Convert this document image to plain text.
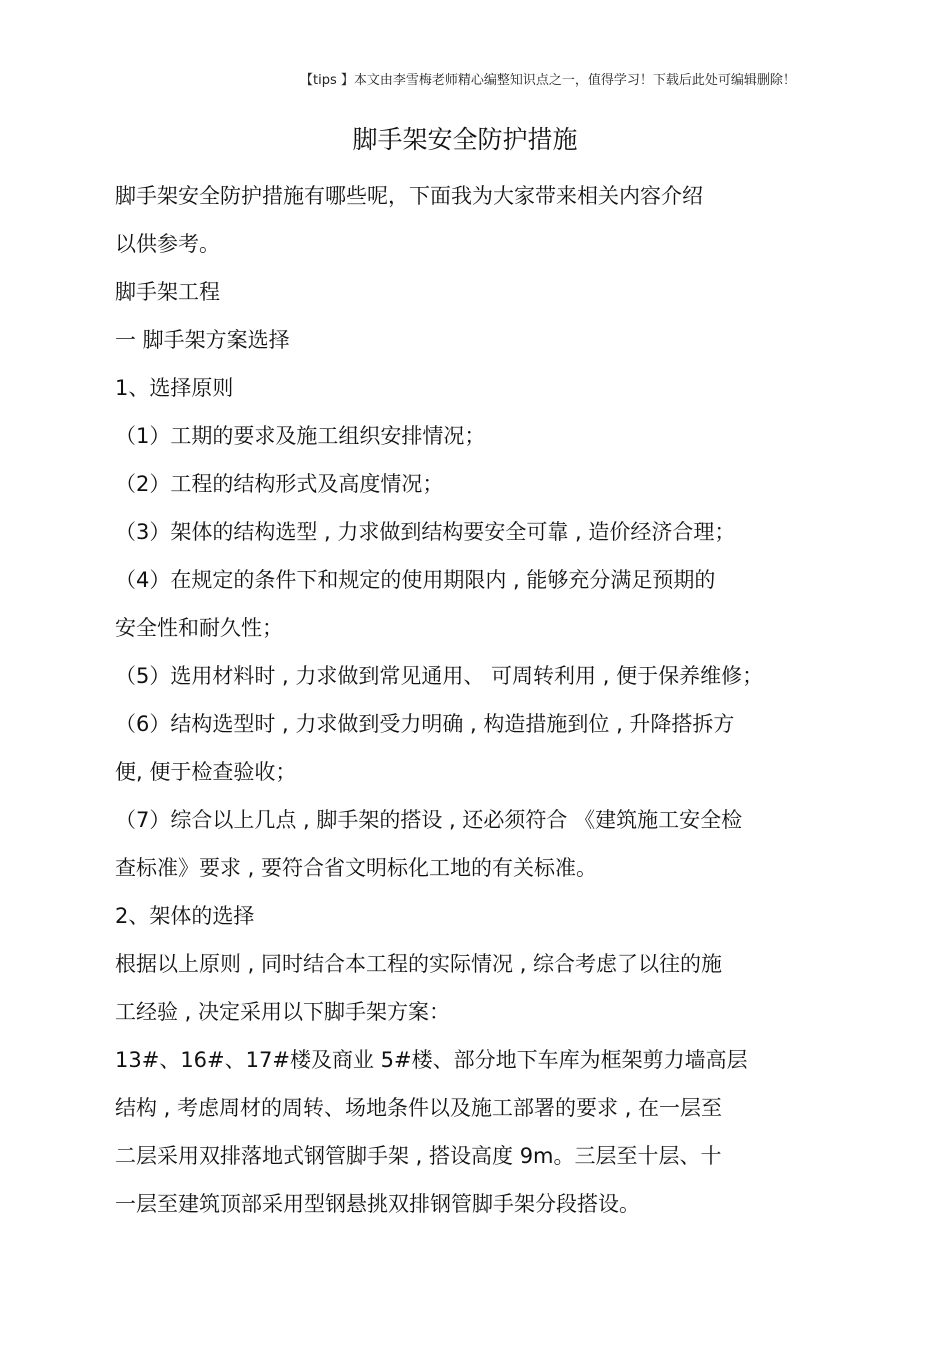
【tips 】本文由李雪梅老师精心编整知识点之一，值得学习！下载后此处可编辑删除！
脚手架安全防护措施
脚手架安全防护措施有哪些呢，下面我为大家带来相关内容介绍
以供参考。
脚手架工程
一 脚手架方案选择
1、选择原则
（1）工期的要求及施工组织安排情况；
（2）工程的结构形式及高度情况；
（3）架体的结构选型 , 力求做到结构要安全可靠 , 造价经济合理；
（4）在规定的条件下和规定的使用期限内 , 能够充分满足预期的
安全性和耐久性；
（5）选用材料时 , 力求做到常见通用、 可周转利用 , 便于保养维修；
（6）结构选型时 , 力求做到受力明确 , 构造措施到位 , 升降搭拆方
便, 便于检查验收；
（7）综合以上几点 , 脚手架的搭设 , 还必须符合 《建筑施工安全检
查标准》要求 , 要符合省文明标化工地的有关标准。
2、架体的选择
根据以上原则 , 同时结合本工程的实际情况 , 综合考虑了以往的施
工经验 , 决定采用以下脚手架方案：
13#、16#、17#楼及商业 5#楼、部分地下车库为框架剪力墙高层
结构 , 考虑周材的周转、场地条件以及施工部署的要求 , 在一层至
二层采用双排落地式钢管脚手架 , 搭设高度 9m。三层至十层、十
一层至建筑顶部采用型钢悬挑双排钢管脚手架分段搭设。
